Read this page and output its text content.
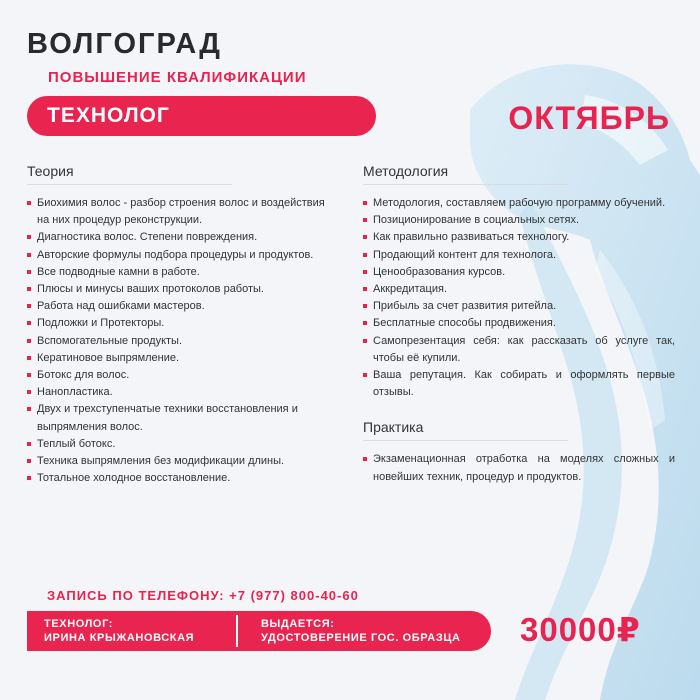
ВОЛГОГРАД
ПОВЫШЕНИЕ КВАЛИФИКАЦИИ
ТЕХНОЛОГ	ОКТЯБРЬ
Теория
Биохимия волос - разбор строения волос и воздействия на них процедур реконструкции.
Диагностика волос. Степени повреждения.
Авторские формулы подбора процедуры и продуктов.
Все подводные камни в работе.
Плюсы и минусы ваших протоколов работы.
Работа над ошибками мастеров.
Подложки и Протекторы.
Вспомогательные продукты.
Кератиновое выпрямление.
Ботокс для волос.
Нанопластика.
Двух и трехступенчатые техники восстановления и выпрямления волос.
Теплый ботокс.
Техника выпрямления без модификации длины.
Тотальное холодное восстановление.
Методология
Методология, составляем рабочую программу обучений.
Позиционирование в социальных сетях.
Как правильно развиваться технологу.
Продающий контент для технолога.
Ценообразования курсов.
Аккредитация.
Прибыль за счет развития ритейла.
Бесплатные способы продвижения.
Самопрезентация себя: как рассказать об услуге так, чтобы её купили.
Ваша репутация. Как собирать и оформлять первые отзывы.
Практика
Экзаменационная отработка на моделях сложных и новейших техник, процедур и продуктов.
ЗАПИСЬ ПО ТЕЛЕФОНУ: +7 (977) 800-40-60
ТЕХНОЛОГ:
ИРИНА КРЫЖАНОВСКАЯ
ВЫДАЕТСЯ:
УДОСТОВЕРЕНИЕ ГОС. ОБРАЗЦА 30000₽
